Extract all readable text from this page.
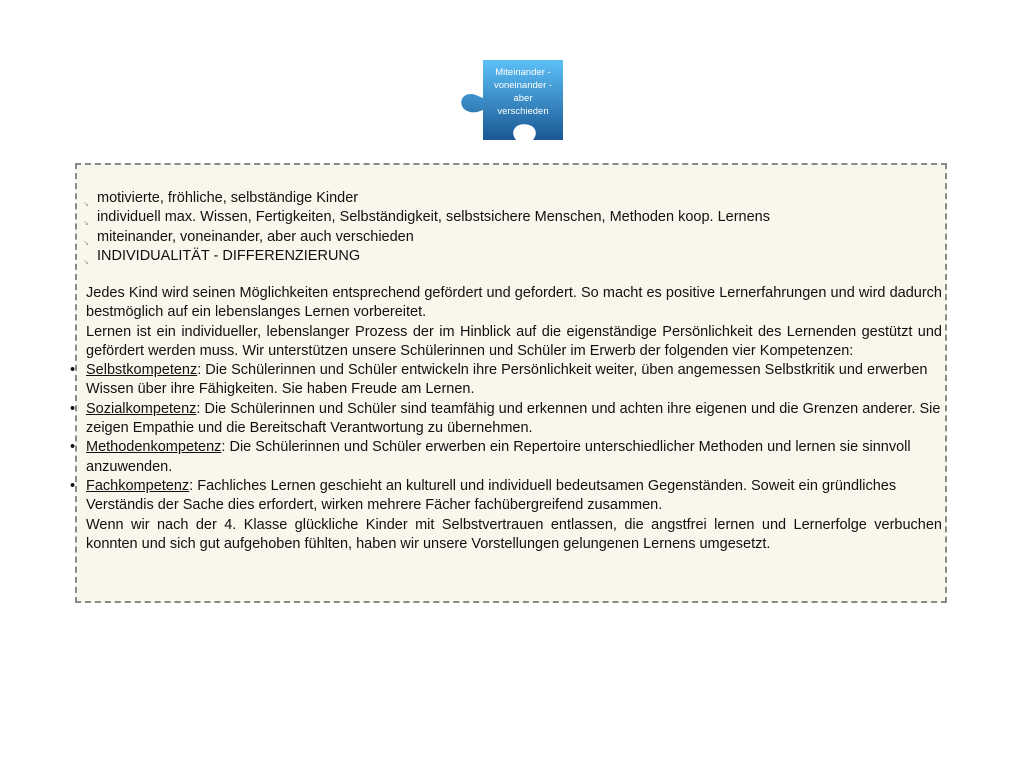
Miteinander -
voneinander -
aber
verschieden
↘ motivierte, fröhliche, selbständige Kinder
↘ individuell max. Wissen, Fertigkeiten, Selbständigkeit, selbstsichere Menschen, Methoden koop. Lernens
↘ miteinander, voneinander, aber auch verschieden
↘ INDIVIDUALITÄT - DIFFERENZIERUNG

Jedes Kind wird seinen Möglichkeiten entsprechend gefördert und gefordert. So macht es positive Lernerfahrungen und wird dadurch bestmöglich auf ein lebenslanges Lernen vorbereitet.

Lernen ist ein individueller, lebenslanger Prozess der im Hinblick auf die eigenständige Persönlichkeit des Lernenden gestützt und gefördert werden muss. Wir unterstützen unsere Schülerinnen und Schüler im Erwerb der folgenden vier Kompetenzen:

• Selbstkompetenz: Die Schülerinnen und Schüler entwickeln ihre Persönlichkeit weiter, üben angemessen Selbstkritik und erwerben Wissen über ihre Fähigkeiten. Sie haben Freude am Lernen.

• Sozialkompetenz: Die Schülerinnen und Schüler sind teamfähig und erkennen und achten ihre eigenen und die Grenzen anderer. Sie zeigen Empathie und die Bereitschaft Verantwortung zu übernehmen.

• Methodenkompetenz: Die Schülerinnen und Schüler erwerben ein Repertoire unterschiedlicher Methoden und lernen sie sinnvoll anzuwenden.

• Fachkompetenz: Fachliches Lernen geschieht an kulturell und individuell bedeutsamen Gegenständen. Soweit ein gründliches Verständis der Sache dies erfordert, wirken mehrere Fächer fachübergreifend zusammen.

Wenn wir nach der 4. Klasse glückliche Kinder mit Selbstvertrauen entlassen, die angstfrei lernen und Lernerfolge verbuchen konnten und sich gut aufgehoben fühlten, haben wir unsere Vorstellungen gelungenen Lernens umgesetzt.
